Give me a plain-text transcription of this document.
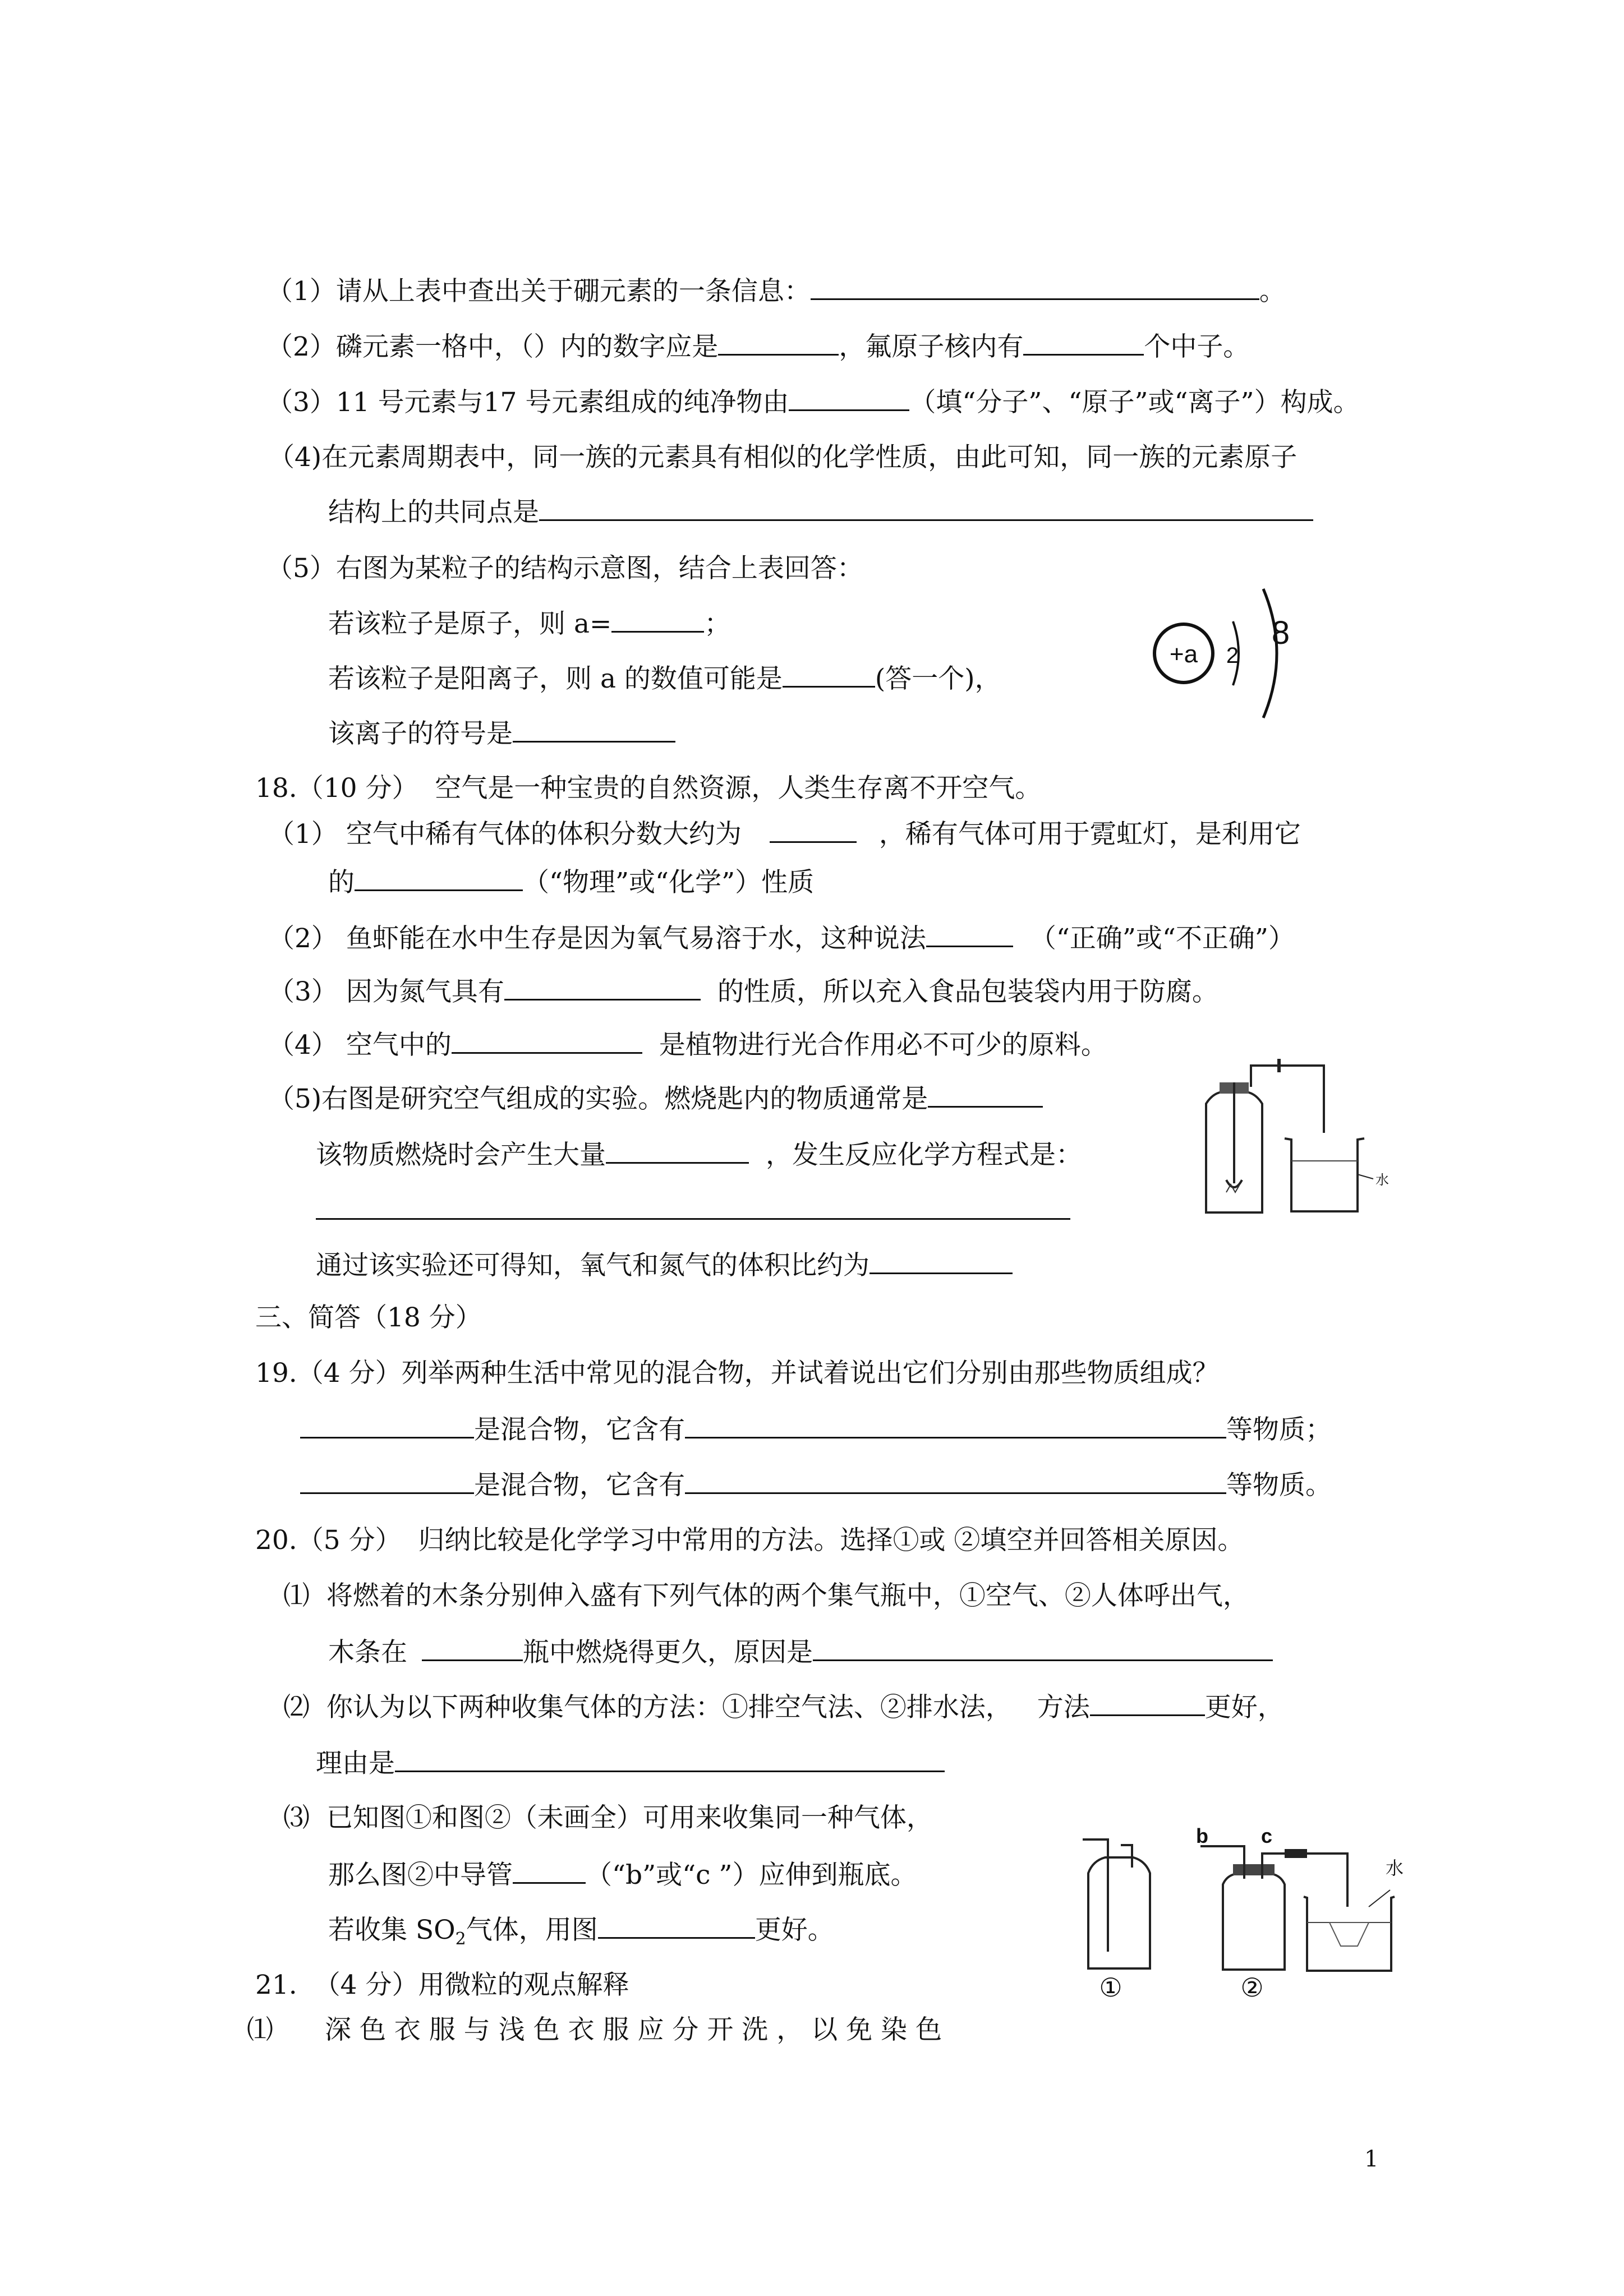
（1）请从上表中查出关于硼元素的一条信息：	。
（2）磷元素一格中，（）内的数字应是	，氟原子核内有	个中子。
（3）11 号元素与17 号元素组成的纯净物由	（填“分子”、“原子”或“离子”）构成。
（4)在元素周期表中，同一族的元素具有相似的化学性质，由此可知，同一族的元素原子
结构上的共同点是
（5）右图为某粒子的结构示意图，结合上表回答：
若该粒子是原子，则 a=	；
若该粒子是阳离子，则 a 的数值可能是	(答一个)，
该离子的符号是
+a 2
8
18.（10 分）  空气是一种宝贵的自然资源，人类生存离不开空气。
（1） 空气中稀有气体的体积分数大约为	，稀有气体可用于霓虹灯，是利用它
的	（“物理”或“化学”）性质
（2） 鱼虾能在水中生存是因为氧气易溶于水，这种说法	（“正确”或“不正确”）
（3） 因为氮气具有	的性质，所以充入食品包装袋内用于防腐。
（4） 空气中的	是植物进行光合作用必不可少的原料。
（5)右图是研究空气组成的实验。燃烧匙内的物质通常是
该物质燃烧时会产生大量	，发生反应化学方程式是：
通过该实验还可得知，氧气和氮气的体积比约为
水
三、简答（18 分）
19.（4 分）列举两种生活中常见的混合物，并试着说出它们分别由那些物质组成？
是混合物，它含有	等物质；
是混合物，它含有	等物质。
20.（5 分）  归纳比较是化学学习中常用的方法。选择①或 ②填空并回答相关原因。
⑴  将燃着的木条分别伸入盛有下列气体的两个集气瓶中，①空气、②人体呼出气，
木条在	瓶中燃烧得更久，原因是
⑵  你认为以下两种收集气体的方法：①排空气法、②排水法，   方法	更好，
理由是
⑶  已知图①和图②（未画全）可用来收集同一种气体，
那么图②中导管	（“b”或“c ”）应伸到瓶底。
若收集 $SO_2$气体，用图	更好。
①
b	c
水
②
21.  （4 分）用微粒的观点解释
⑴ 深 色 衣 服 与 浅 色 衣 服 应 分 开 洗 ， 以 免 染 色
1
